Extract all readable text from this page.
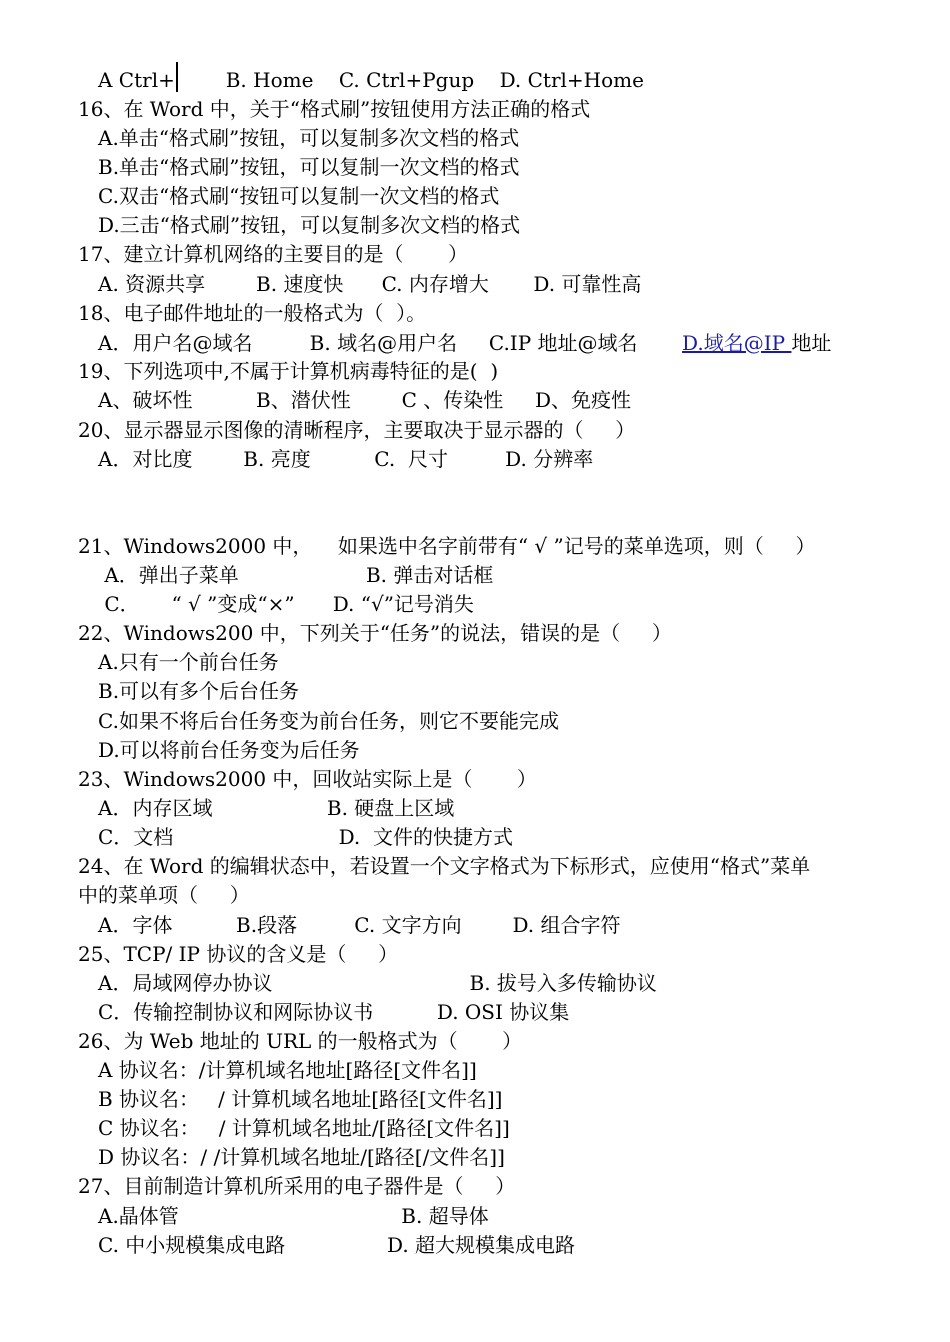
A Ctrl+        B. Home    C. Ctrl+Pgup    D. Ctrl+Home
16、在 Word 中，关于“格式刷”按钮使用方法正确的格式
A.单击“格式刷”按钮，可以复制多次文档的格式
B.单击“格式刷”按钮，可以复制一次文档的格式
C.双击“格式刷“按钮可以复制一次文档的格式
D.三击“格式刷”按钮，可以复制多次文档的格式
17、建立计算机网络的主要目的是（       ）
A. 资源共享        B. 速度快      C. 内存增大       D. 可靠性高
18、电子邮件地址的一般格式为（  ）。
A．用户名@域名         B. 域名@用户名     C.IP 地址@域名       D.域名@IP 地址
19、下列选项中,不属于计算机病毒特征的是(  )
A、破坏性          B、潜伏性        C 、传染性     D、免疫性
20、显示器显示图像的清晰程序，主要取决于显示器的（     ）
A．对比度        B. 亮度          C.  尺寸         D. 分辨率
21、Windows2000 中，    如果选中名字前带有“ √ ”记号的菜单选项，则（     ）
A．弹出子菜单                    B. 弹击对话框
C．     “ √ ”变成“×”      D. “√”记号消失
22、Windows200 中，下列关于“任务”的说法，错误的是（     ）
A.只有一个前台任务
B.可以有多个后台任务
C.如果不将后台任务变为前台任务，则它不要能完成
D.可以将前台任务变为后任务
23、Windows2000 中，回收站实际上是（       ）
A．内存区域                  B. 硬盘上区域
C．文档                          D.  文件的快捷方式
24、在 Word 的编辑状态中，若设置一个文字格式为下标形式，应使用“格式”菜单
中的菜单项（     ）
A．字体          B.段落         C. 文字方向        D. 组合字符
25、TCP/ IP 协议的含义是（     ）
A．局域网停办协议                               B. 拔号入多传输协议
C．传输控制协议和网际协议书          D. OSI 协议集
26、为 Web 地址的 URL 的一般格式为（       ）
A 协议名：/计算机域名地址[路径[文件名]]
B 协议名：   / 计算机域名地址[路径[文件名]]
C 协议名：   / 计算机域名地址/[路径[文件名]]
D 协议名：/ /计算机域名地址/[路径[/文件名]]
27、目前制造计算机所采用的电子器件是（     ）
A.晶体管                                   B. 超导体
C. 中小规模集成电路                D. 超大规模集成电路
